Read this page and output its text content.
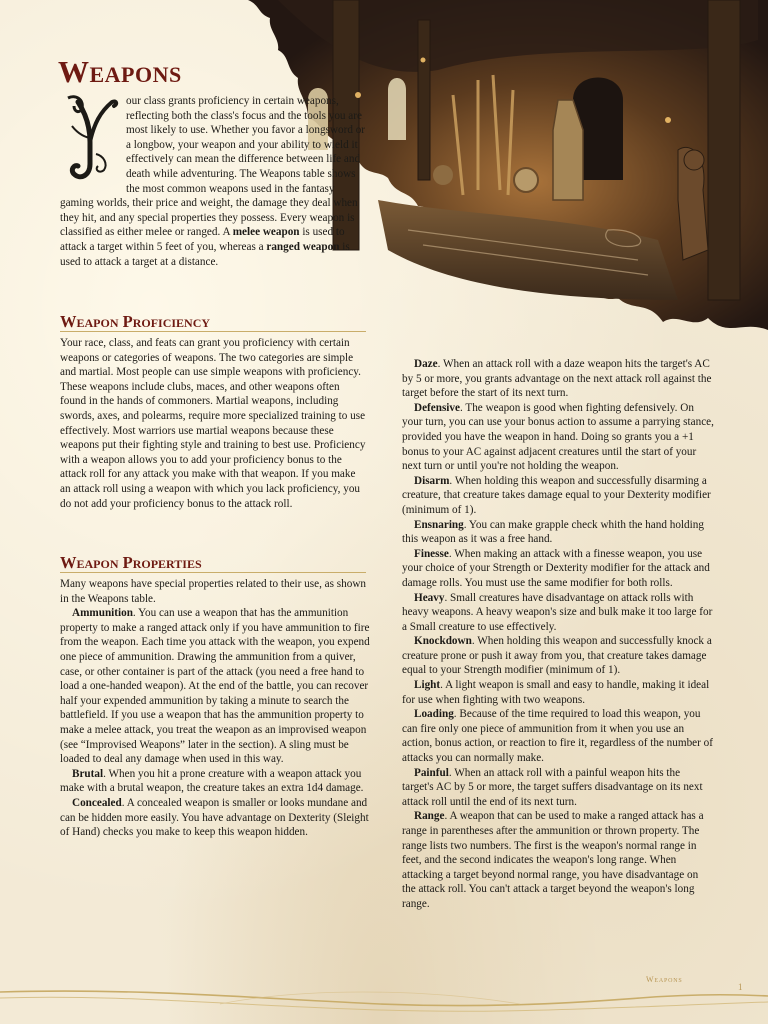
Weapons

our class grants proficiency in certain weapons, reflecting both the class's focus and the tools you are most likely to use. Whether you favor a longsword or a longbow, your weapon and your ability to wield it effectively can mean the difference between life and death while adventuring. The Weapons table shows the most common weapons used in the fantasy gaming worlds, their price and weight, the damage they deal when they hit, and any special properties they possess. Every weapon is classified as either melee or ranged. A melee weapon is used to attack a target within 5 feet of you, whereas a ranged weapon is used to attack a target at a distance.

Weapon Proficiency

Your race, class, and feats can grant you proficiency with certain weapons or categories of weapons. The two categories are simple and martial. Most people can use simple weapons with proficiency. These weapons include clubs, maces, and other weapons often found in the hands of commoners. Martial weapons, including swords, axes, and polearms, require more specialized training to use effectively. Most warriors use martial weapons because these weapons put their fighting style and training to best use. Proficiency with a weapon allows you to add your proficiency bonus to the attack roll for any attack you make with that weapon. If you make an attack roll using a weapon with which you lack proficiency, you do not add your proficiency bonus to the attack roll.

Weapon Properties

Many weapons have special properties related to their use, as shown in the Weapons table.

Ammunition. You can use a weapon that has the ammunition property to make a ranged attack only if you have ammunition to fire from the weapon. Each time you attack with the weapon, you expend one piece of ammunition. Drawing the ammunition from a quiver, case, or other container is part of the attack (you need a free hand to load a one-handed weapon). At the end of the battle, you can recover half your expended ammunition by taking a minute to search the battlefield. If you use a weapon that has the ammunition property to make a melee attack, you treat the weapon as an improvised weapon (see “Improvised Weapons” later in the section). A sling must be loaded to deal any damage when used in this way.

Brutal. When you hit a prone creature with a weapon attack you make with a brutal weapon, the creature takes an extra 1d4 damage.

Concealed. A concealed weapon is smaller or looks mundane and can be hidden more easily. You have advantage on Dexterity (Sleight of Hand) checks you make to keep this weapon hidden.

Daze. When an attack roll with a daze weapon hits the target's AC by 5 or more, you grants advantage on the next attack roll against the target before the start of its next turn.

Defensive. The weapon is good when fighting defensively. On your turn, you can use your bonus action to assume a parrying stance, provided you have the weapon in hand. Doing so grants you a +1 bonus to your AC against adjacent creatures until the start of your next turn or until you're not holding the weapon.

Disarm. When holding this weapon and successfully disarming a creature, that creature takes damage equal to your Dexterity modifier (minimum of 1).

Ensnaring. You can make grapple check whith the hand holding this weapon as it was a free hand.

Finesse. When making an attack with a finesse weapon, you use your choice of your Strength or Dexterity modifier for the attack and damage rolls. You must use the same modifier for both rolls.

Heavy. Small creatures have disadvantage on attack rolls with heavy weapons. A heavy weapon's size and bulk make it too large for a Small creature to use effectively.

Knockdown. When holding this weapon and successfully knock a creature prone or push it away from you, that creature takes damage equal to your Strength modifier (minimum of 1).

Light. A light weapon is small and easy to handle, making it ideal for use when fighting with two weapons.

Loading. Because of the time required to load this weapon, you can fire only one piece of ammunition from it when you use an action, bonus action, or reaction to fire it, regardless of the number of attacks you can normally make.

Painful. When an attack roll with a painful weapon hits the target's AC by 5 or more, the target suffers disadvantage on its next attack roll until the end of its next turn.

Range. A weapon that can be used to make a ranged attack has a range in parentheses after the ammunition or thrown property. The range lists two numbers. The first is the weapon's normal range in feet, and the second indicates the weapon's long range. When attacking a target beyond normal range, you have disadvantage on the attack roll. You can't attack a target beyond the weapon's long range.

Weapons

1
